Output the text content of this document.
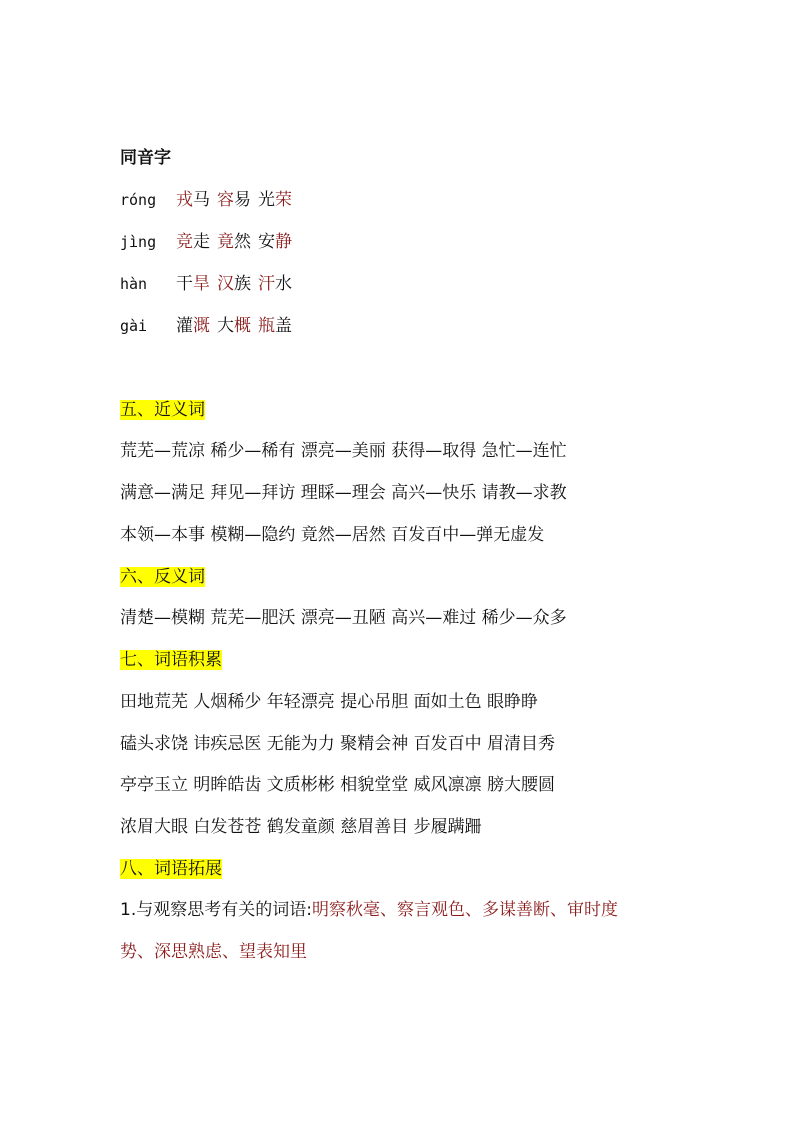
同音字
róng 戎马 容易 光荣
jìng 竞走 竟然 安静
hàn 干旱 汉族 汗水
gài 灌溉 大概 瓶盖
五、近义词
荒芜—荒凉 稀少—稀有 漂亮—美丽 获得—取得 急忙—连忙
满意—满足 拜见—拜访 理睬—理会 高兴—快乐 请教—求教
本领—本事 模糊—隐约 竟然—居然 百发百中—弹无虚发
六、反义词
清楚—模糊 荒芜—肥沃 漂亮—丑陋 高兴—难过 稀少—众多
七、词语积累
田地荒芜 人烟稀少 年轻漂亮 提心吊胆 面如土色 眼睁睁
磕头求饶 讳疾忌医 无能为力 聚精会神 百发百中 眉清目秀
亭亭玉立 明眸皓齿 文质彬彬 相貌堂堂 威风凛凛 膀大腰圆
浓眉大眼 白发苍苍 鹤发童颜 慈眉善目 步履蹒跚
八、词语拓展
1.与观察思考有关的词语:明察秋毫、察言观色、多谋善断、审时度
势、深思熟虑、望表知里
